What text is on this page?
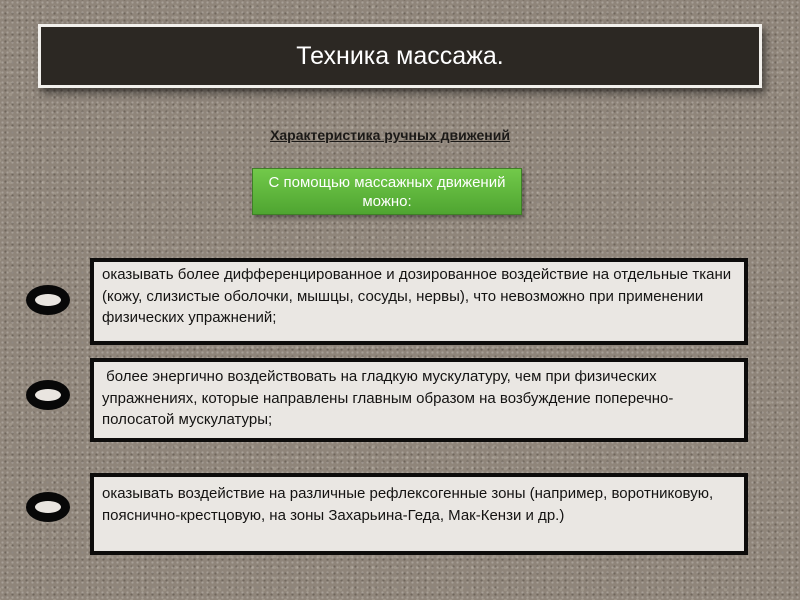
Техника массажа.
Характеристика ручных движений
С помощью массажных движений можно:
оказывать более дифференцированное и дозированное воздействие на отдельные ткани (кожу, слизистые оболочки, мышцы, сосуды, нервы), что невозможно при применении физических упражнений;
более энергично воздействовать на гладкую мускулатуру, чем при физических упражнениях, которые направлены главным образом на возбуждение поперечно-полосатой мускулатуры;
оказывать воздействие на различные рефлексогенные зоны (например, воротниковую, пояснично-крестцовую, на зоны Захарьина-Геда, Мак-Кензи и др.)
